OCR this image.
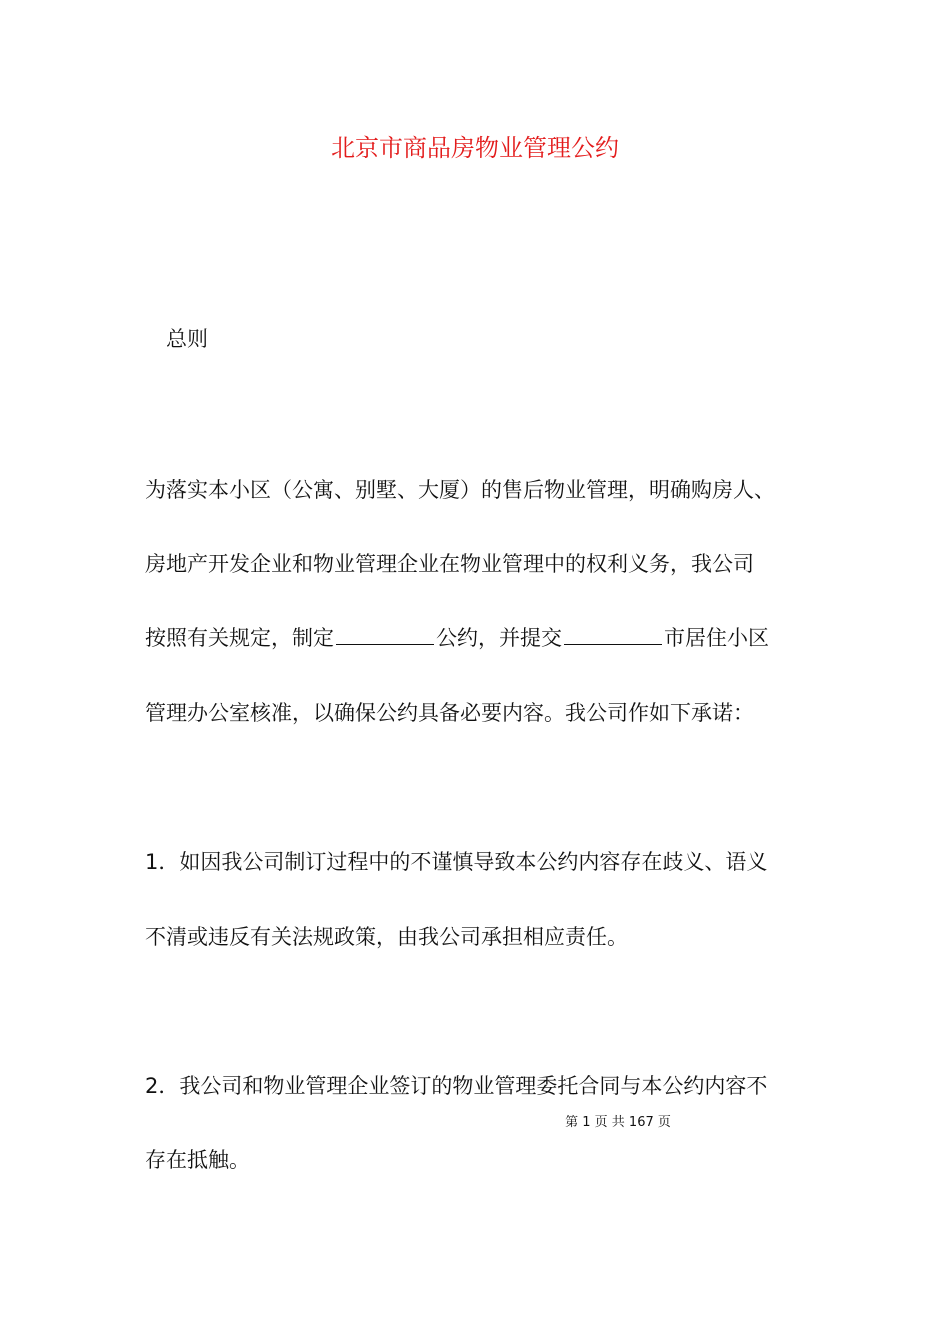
北京市商品房物业管理公约
总则

为落实本小区（公寓、别墅、大厦）的售后物业管理，明确购房人、

房地产开发企业和物业管理企业在物业管理中的权利义务，我公司

按照有关规定，制定	公约，并提交	市居住小区

管理办公室核准，以确保公约具备必要内容。我公司作如下承诺：

1．如因我公司制订过程中的不谨慎导致本公约内容存在歧义、语义

不清或违反有关法规政策，由我公司承担相应责任。

2．我公司和物业管理企业签订的物业管理委托合同与本公约内容不

第 1 页 共 167 页

存在抵触。
